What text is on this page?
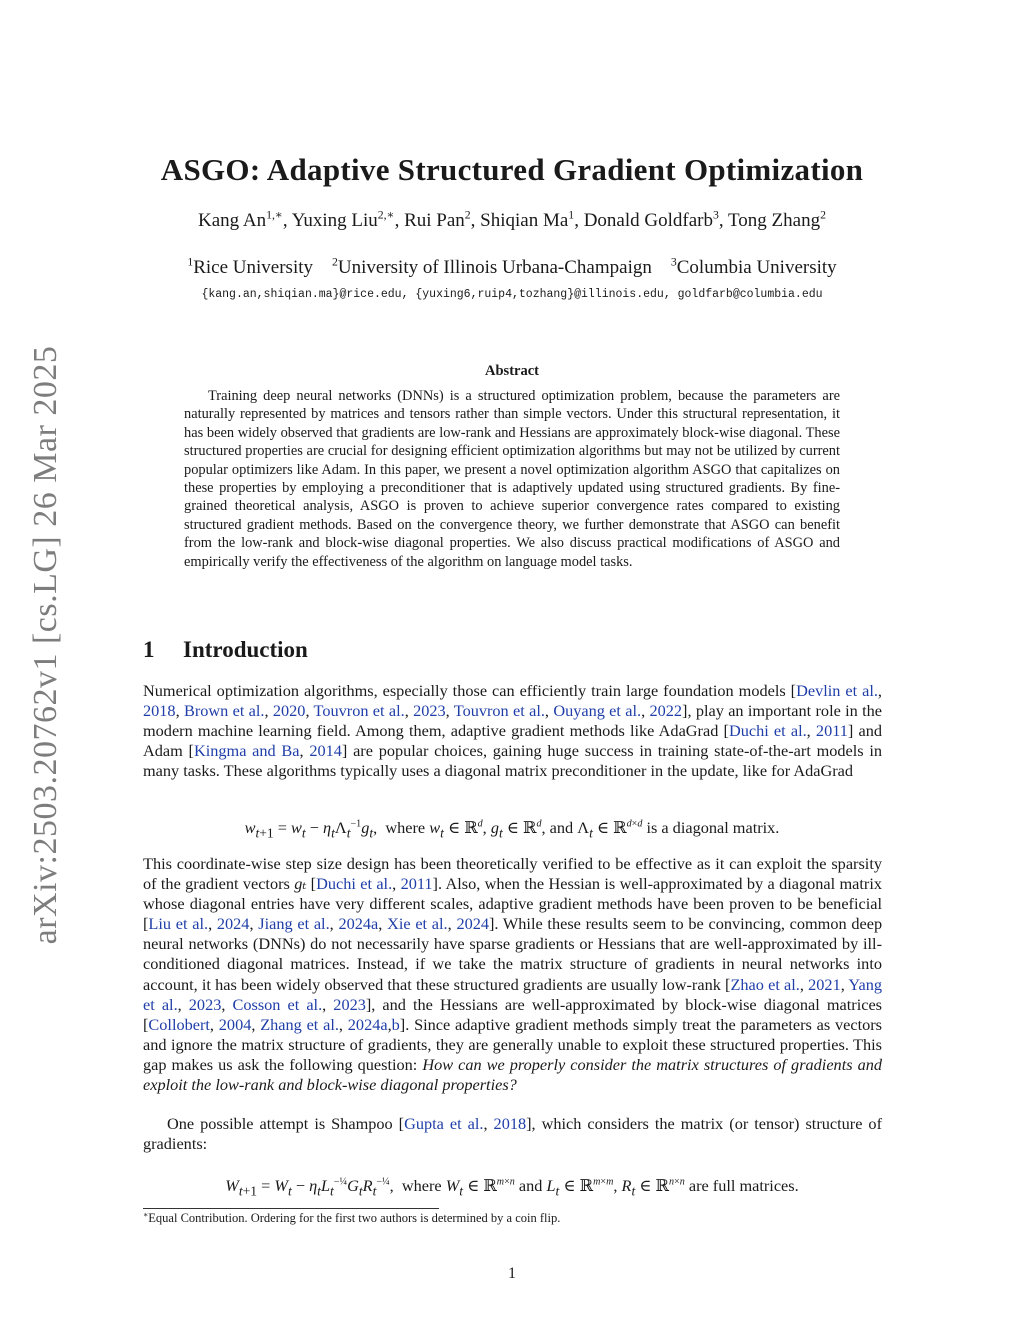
arXiv:2503.20762v1 [cs.LG] 26 Mar 2025
ASGO: Adaptive Structured Gradient Optimization
Kang $An^{1,∗}$, Yuxing Liu$^{2,∗}$, Rui Pan$^2$, Shiqian Ma$^1$, Donald Goldfarb$^3$, Tong Zhang$^2$
$^1$Rice University  $^2$University of Illinois Urbana-Champaign  $^3$Columbia University
{kang.an,shiqian.ma}@rice.edu, {yuxing6,ruip4,tozhang}@illinois.edu, goldfarb@columbia.edu
Abstract
Training deep neural networks (DNNs) is a structured optimization problem, because the parameters are naturally represented by matrices and tensors rather than simple vectors. Under this structural representation, it has been widely observed that gradients are low-rank and Hessians are approximately block-wise diagonal. These structured properties are crucial for designing efficient optimization algorithms but may not be utilized by current popular optimizers like Adam. In this paper, we present a novel optimization algorithm ASGO that capitalizes on these properties by employing a preconditioner that is adaptively updated using structured gradients. By fine-grained theoretical analysis, ASGO is proven to achieve superior convergence rates compared to existing structured gradient methods. Based on the convergence theory, we further demonstrate that ASGO can benefit from the low-rank and block-wise diagonal properties. We also discuss practical modifications of ASGO and empirically verify the effectiveness of the algorithm on language model tasks.
1 Introduction
Numerical optimization algorithms, especially those can efficiently train large foundation models [Devlin et al., 2018, Brown et al., 2020, Touvron et al., 2023, Touvron et al., Ouyang et al., 2022], play an important role in the modern machine learning field. Among them, adaptive gradient methods like AdaGrad [Duchi et al., 2011] and Adam [Kingma and Ba, 2014] are popular choices, gaining huge success in training state-of-the-art models in many tasks. These algorithms typically uses a diagonal matrix preconditioner in the update, like for AdaGrad
$w_{t+1} = w_t - \eta_t\Lambda_t^{-1}g_t$,  where $w_t$ ∈ ℝ$^d$, $g_t$ ∈ ℝ$^d$, and $\Lambda_t$ ∈ ℝ$^{d\times d}$ is a diagonal matrix.
This coordinate-wise step size design has been theoretically verified to be effective as it can exploit the sparsity of the gradient vectors gₜ [Duchi et al., 2011]. Also, when the Hessian is well-approximated by a diagonal matrix whose diagonal entries have very different scales, adaptive gradient methods have been proven to be beneficial [Liu et al., 2024, Jiang et al., 2024a, Xie et al., 2024]. While these results seem to be convincing, common deep neural networks (DNNs) do not necessarily have sparse gradients or Hessians that are well-approximated by ill-conditioned diagonal matrices. Instead, if we take the matrix structure of gradients in neural networks into account, it has been widely observed that these structured gradients are usually low-rank [Zhao et al., 2021, Yang et al., 2023, Cosson et al., 2023], and the Hessians are well-approximated by block-wise diagonal matrices [Collobert, 2004, Zhang et al., 2024a,b]. Since adaptive gradient methods simply treat the parameters as vectors and ignore the matrix structure of gradients, they are generally unable to exploit these structured properties. This gap makes us ask the following question: How can we properly consider the matrix structures of gradients and exploit the low-rank and block-wise diagonal properties?
One possible attempt is Shampoo [Gupta et al., 2018], which considers the matrix (or tensor) structure of gradients:
$W_{t+1} = W_t - \eta_tL_t^{-\frac{1}{4}}G_tR_t^{-\frac{1}{4}}$,  where $W_t$ ∈ ℝ$^{m\times n}$ and $L_t$ ∈ ℝ$^{m\times m}$, $R_t$ ∈ ℝ$^{n\times n}$ are full matrices.
∗Equal Contribution. Ordering for the first two authors is determined by a coin flip.
1
